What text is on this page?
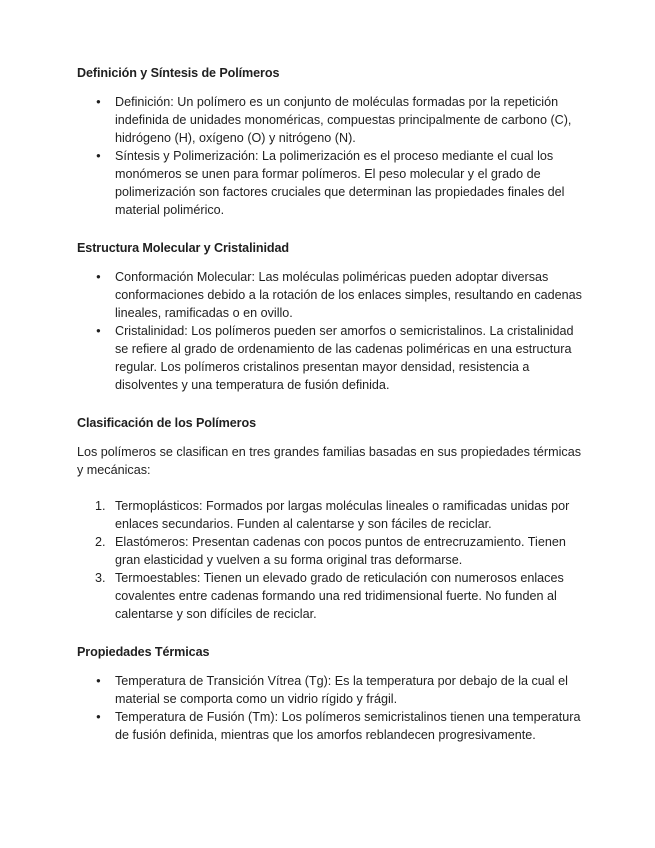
Definición y Síntesis de Polímeros
● Definición: Un polímero es un conjunto de moléculas formadas por la repetición indefinida de unidades monoméricas, compuestas principalmente de carbono (C), hidrógeno (H), oxígeno (O) y nitrógeno (N).
● Síntesis y Polimerización: La polimerización es el proceso mediante el cual los monómeros se unen para formar polímeros. El peso molecular y el grado de polimerización son factores cruciales que determinan las propiedades finales del material polimérico.
Estructura Molecular y Cristalinidad
● Conformación Molecular: Las moléculas poliméricas pueden adoptar diversas conformaciones debido a la rotación de los enlaces simples, resultando en cadenas lineales, ramificadas o en ovillo.
● Cristalinidad: Los polímeros pueden ser amorfos o semicristalinos. La cristalinidad se refiere al grado de ordenamiento de las cadenas poliméricas en una estructura regular. Los polímeros cristalinos presentan mayor densidad, resistencia a disolventes y una temperatura de fusión definida.
Clasificación de los Polímeros

Los polímeros se clasifican en tres grandes familias basadas en sus propiedades térmicas y mecánicas:

1. Termoplásticos: Formados por largas moléculas lineales o ramificadas unidas por enlaces secundarios. Funden al calentarse y son fáciles de reciclar.
2. Elastómeros: Presentan cadenas con pocos puntos de entrecruzamiento. Tienen gran elasticidad y vuelven a su forma original tras deformarse.
3. Termoestables: Tienen un elevado grado de reticulación con numerosos enlaces covalentes entre cadenas formando una red tridimensional fuerte. No funden al calentarse y son difíciles de reciclar.
Propiedades Térmicas
● Temperatura de Transición Vítrea (Tg): Es la temperatura por debajo de la cual el material se comporta como un vidrio rígido y frágil.
● Temperatura de Fusión (Tm): Los polímeros semicristalinos tienen una temperatura de fusión definida, mientras que los amorfos reblandecen progresivamente.
